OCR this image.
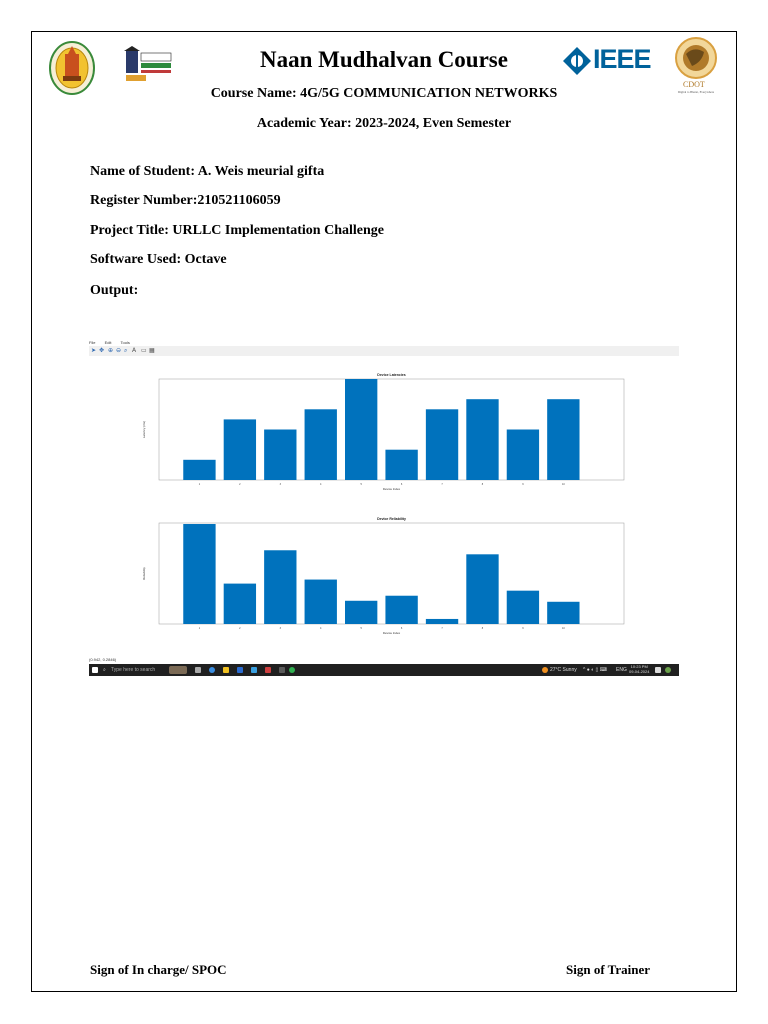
IEEE
CDOT
Digital to Bharat, Everywhere
Naan Mudhalvan Course
Course Name: 4G/5G COMMUNICATION NETWORKS
Academic Year: 2023-2024, Even Semester
Name of Student: A. Weis meurial gifta
Register Number:210521106059
Project Title: URLLC Implementation Challenge
Software Used: Octave
Output:
File Edit Tools
➤ ✥ ⊕ ⊖ ⌕ A ▭ ▦
Device Latencies
Device Index
Latency (ms)
1	2	3	4	5	6	7	8	9	10
Device Reliability
Device Index
Reliability
1	2	3	4	5	6	7	8	9	10
(0.942, 0.2846)
⌕ Type here to search	27°C Sunny ^ ● ◐ ▯ ⌨ ENG
10:23 PM
09-04-2024
Sign of In charge/ SPOC	Sign of Trainer
